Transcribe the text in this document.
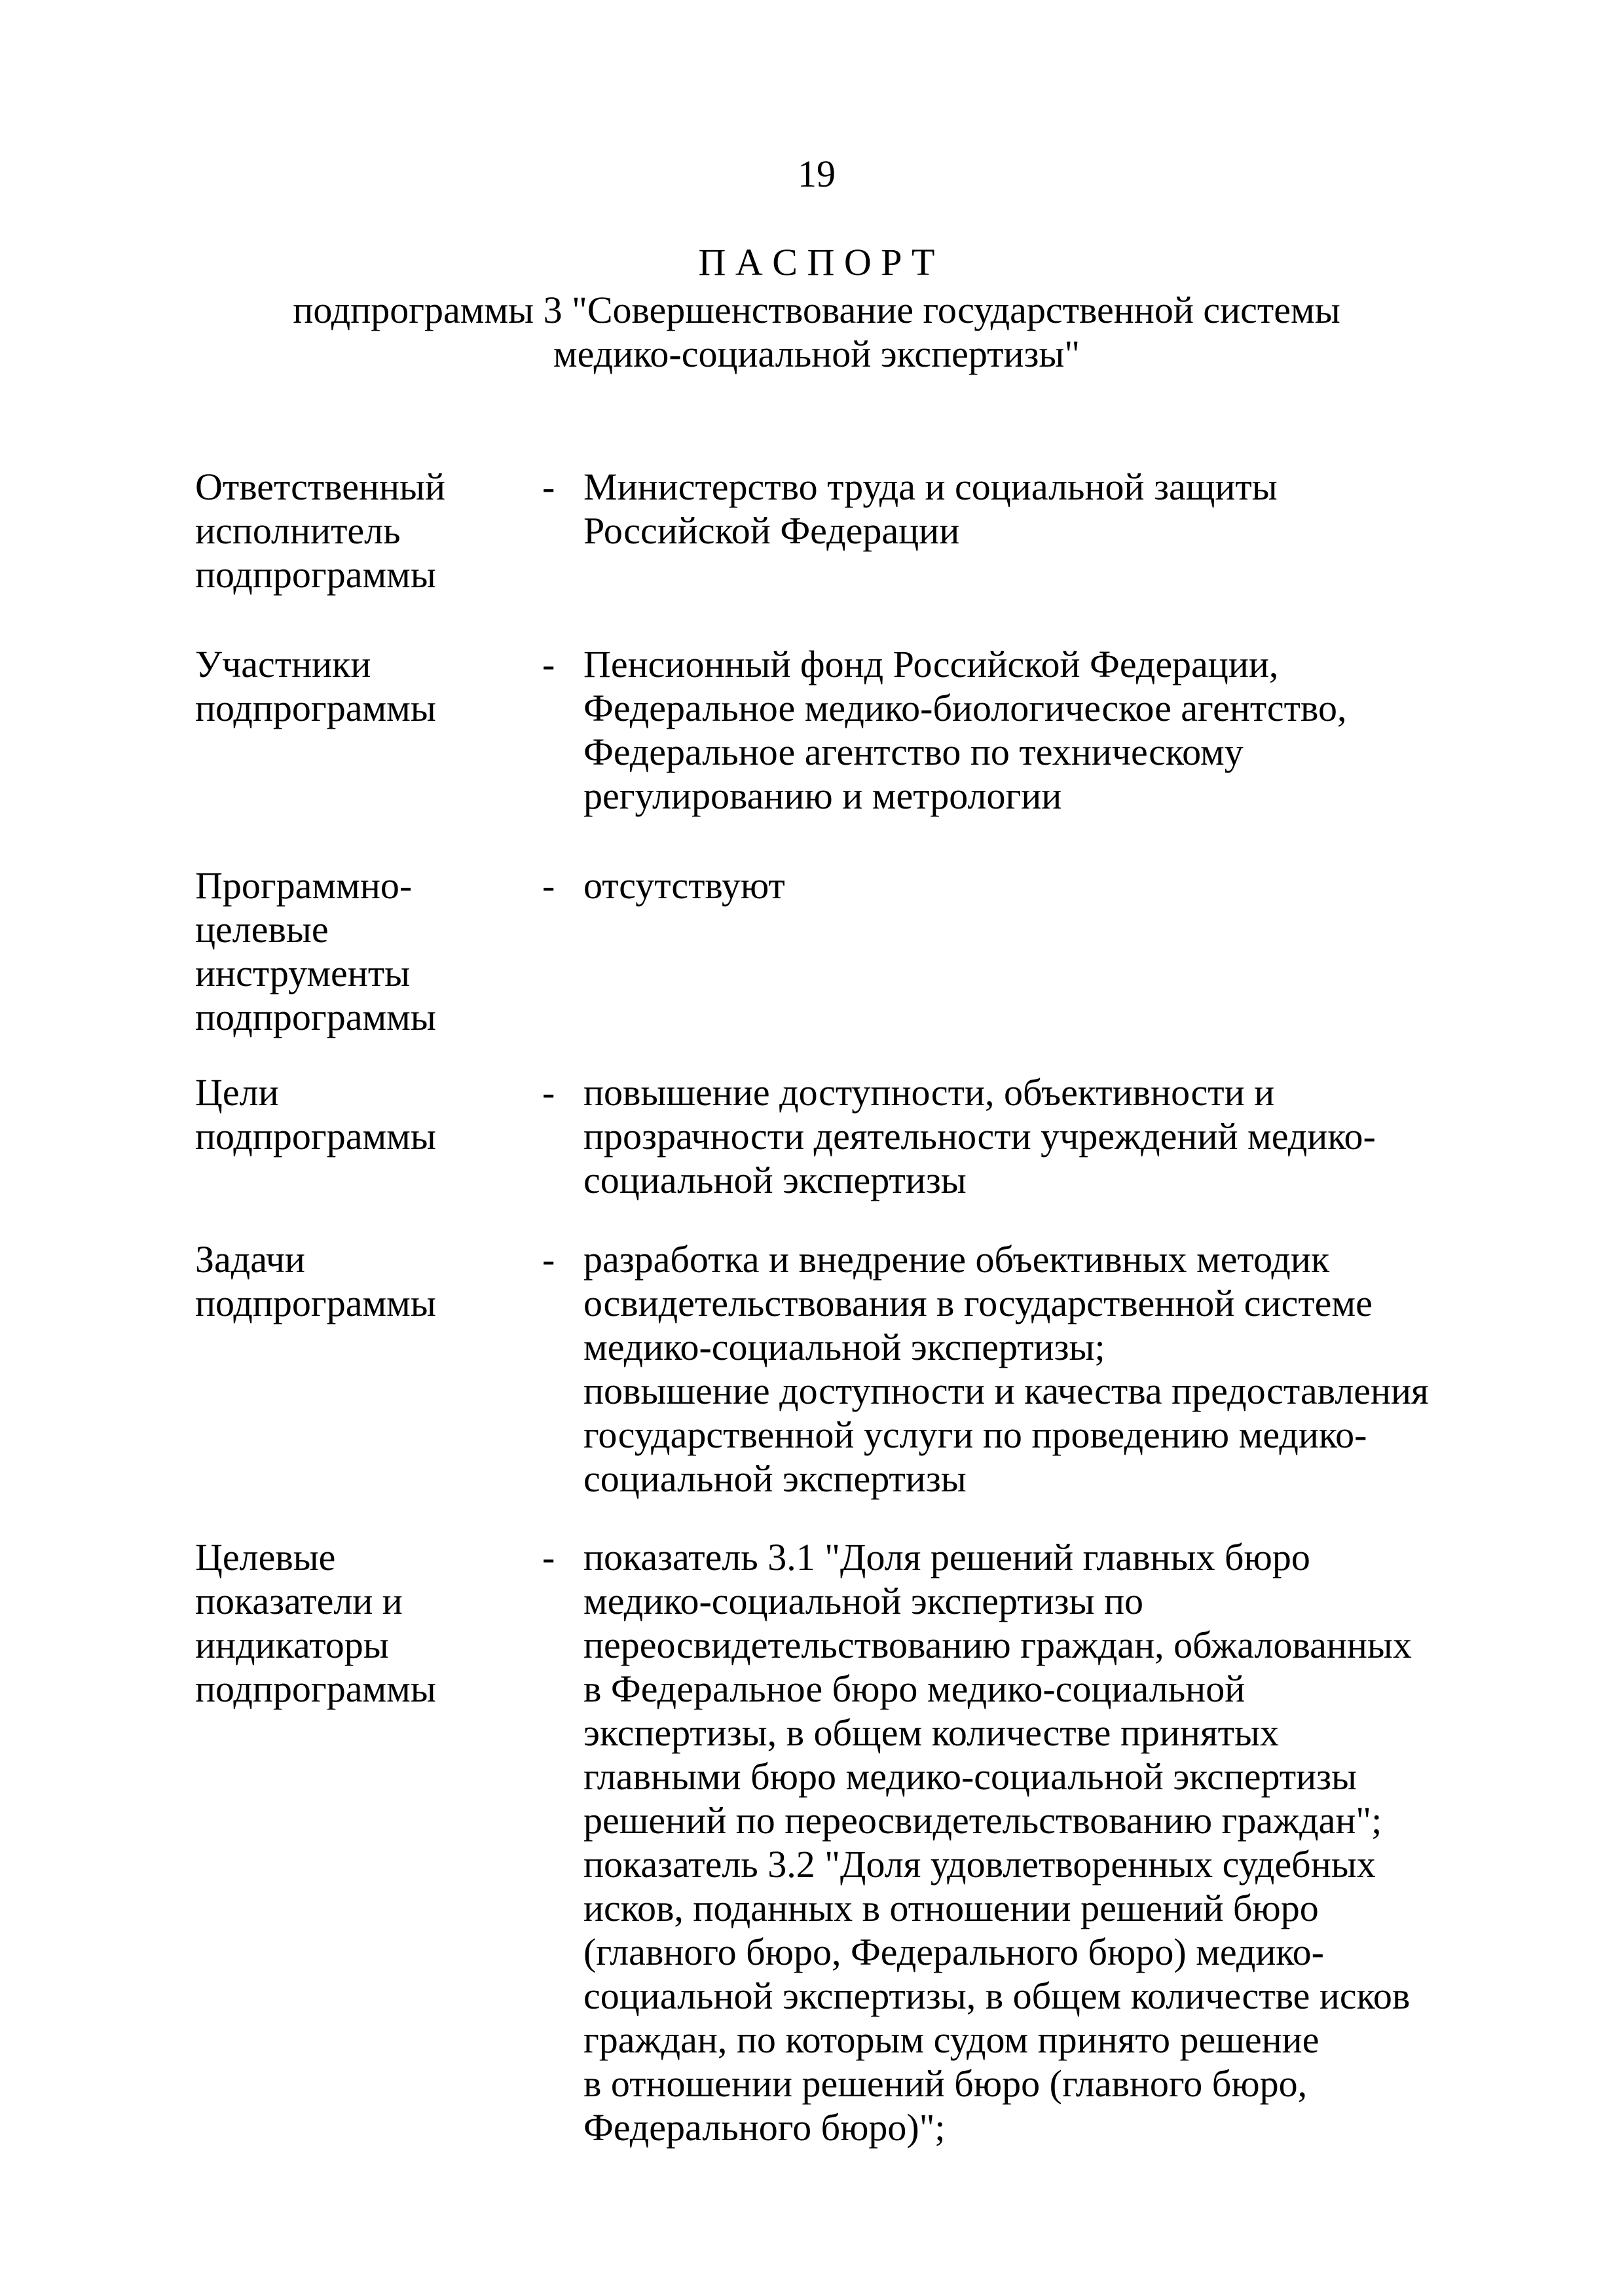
19
П А С П О Р Т
подпрограммы 3 "Совершенствование государственной системы
медико-социальной экспертизы"
Ответственный
исполнитель
подпрограммы
- Министерство труда и социальной защиты
Российской Федерации
Участники
подпрограммы
- Пенсионный фонд Российской Федерации,
Федеральное медико-биологическое агентство,
Федеральное агентство по техническому
регулированию и метрологии
Программно-
целевые
инструменты
подпрограммы
- отсутствуют
Цели
подпрограммы
- повышение доступности, объективности и
прозрачности деятельности учреждений медико-
социальной экспертизы
Задачи
подпрограммы
- разработка и внедрение объективных методик
освидетельствования в государственной системе
медико-социальной экспертизы;
повышение доступности и качества предоставления
государственной услуги по проведению медико-
социальной экспертизы
Целевые
показатели и
индикаторы
подпрограммы
- показатель 3.1 "Доля решений главных бюро
медико-социальной экспертизы по
переосвидетельствованию граждан, обжалованных
в Федеральное бюро медико-социальной
экспертизы, в общем количестве принятых
главными бюро медико-социальной экспертизы
решений по переосвидетельствованию граждан";
показатель 3.2 "Доля удовлетворенных судебных
исков, поданных в отношении решений бюро
(главного бюро, Федерального бюро) медико-
социальной экспертизы, в общем количестве исков
граждан, по которым судом принято решение
в отношении решений бюро (главного бюро,
Федерального бюро)";
